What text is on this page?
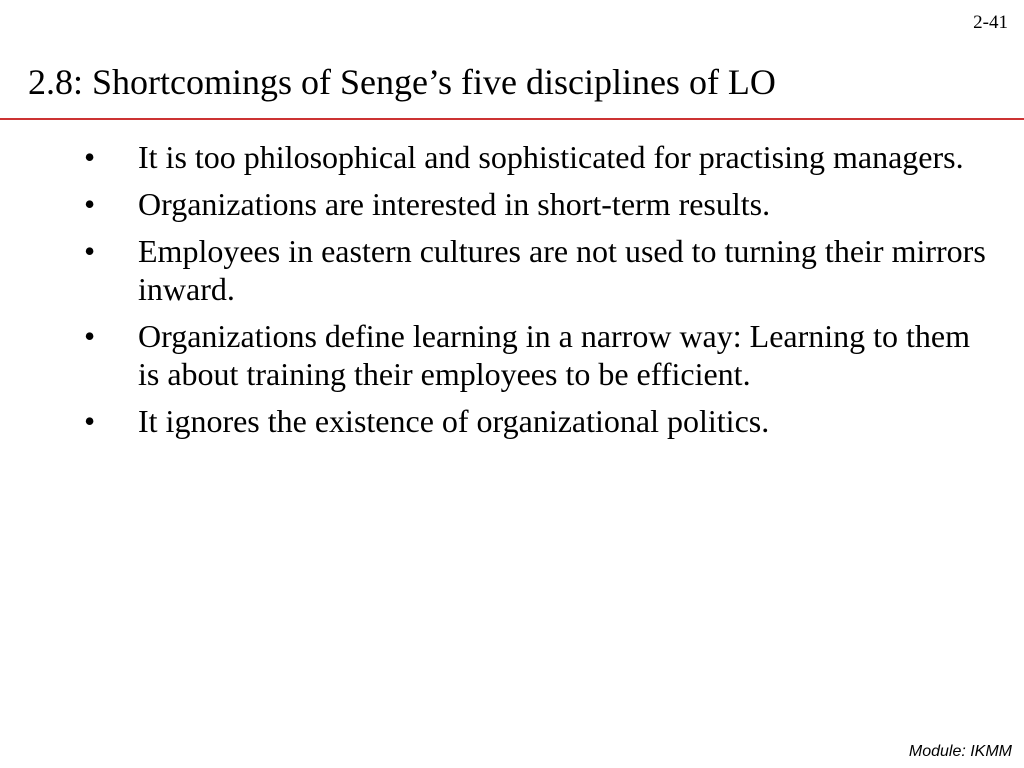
2-41
2.8: Shortcomings of Senge’s five disciplines of LO
• It is too philosophical and sophisticated for practising managers.
• Organizations are interested in short-term results.
• Employees in eastern cultures are not used to turning their mirrors inward.
• Organizations define learning in a narrow way: Learning to them is about training their employees to be efficient.
• It ignores the existence of organizational politics.
Module: IKMM
